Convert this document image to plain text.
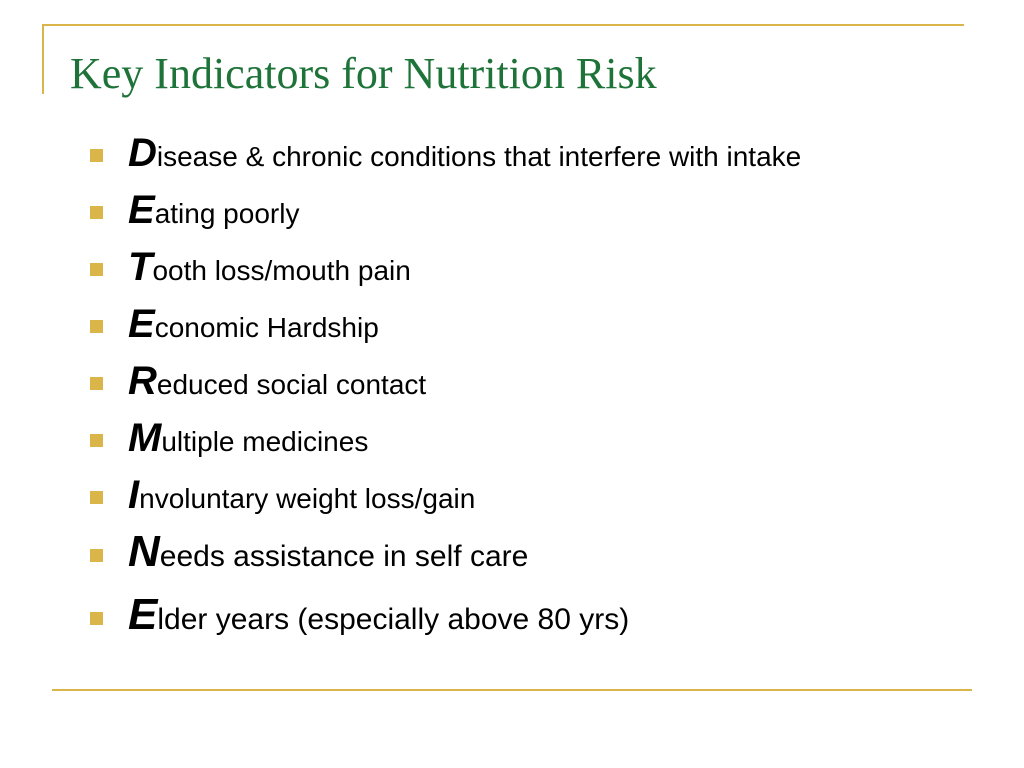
Key Indicators for Nutrition Risk
D isease & chronic conditions that interfere with intake
E ating poorly
T ooth loss/mouth pain
E conomic Hardship
R educed social contact
M ultiple medicines
I nvoluntary weight loss/gain
N eeds assistance in self care
E lder years (especially above 80 yrs)
